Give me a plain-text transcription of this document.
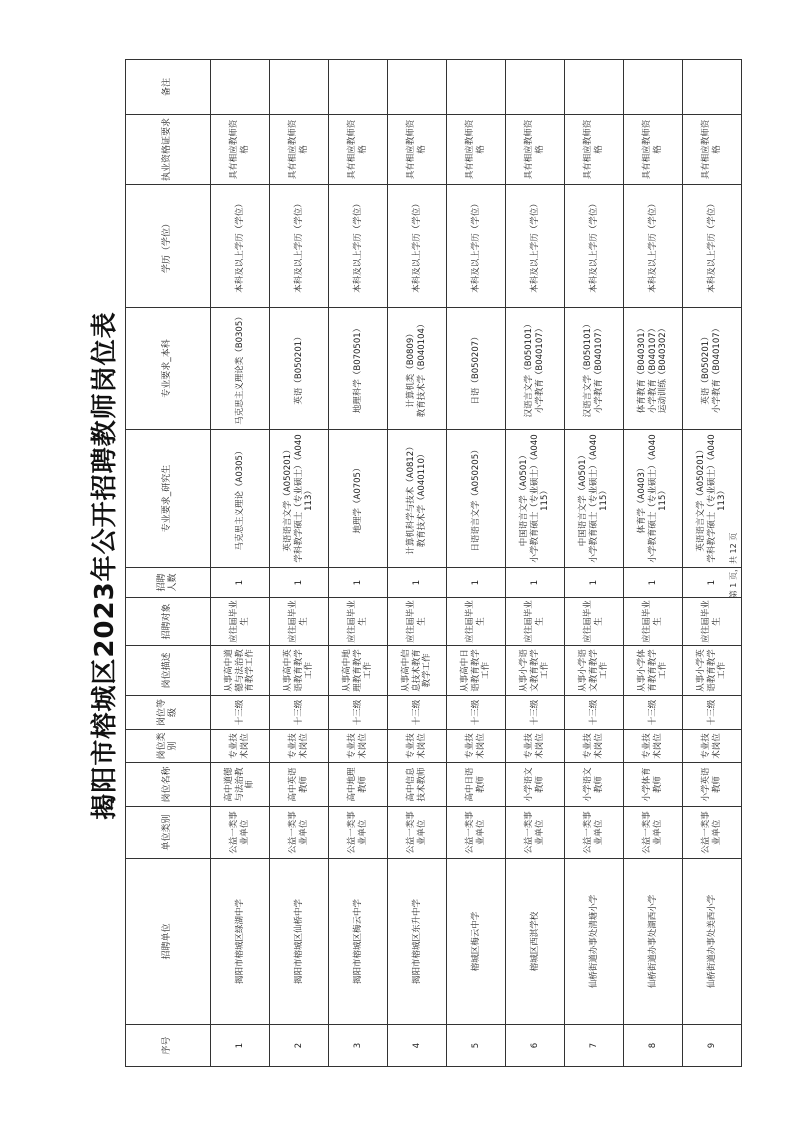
揭阳市榕城区2023年公开招聘教师岗位表
序号	招聘单位	单位类别	岗位名称	岗位类别	岗位等级	岗位描述	招聘对象	招聘人数	专业要求_研究生	专业要求_本科	学历（学位）	执业资格证要求	备注
1	揭阳市榕城区绿湖中学	公益一类事业单位	高中道德与法治教师	专业技术岗位	十三级	从事高中道德与法治教育教学工作	应往届毕业生	1	马克思主义理论（A0305）	马克思主义理论类（B0305）	本科及以上学历（学位）	具有相应教师资格	
2	揭阳市榕城区仙桥中学	公益一类事业单位	高中英语教师	专业技术岗位	十三级	从事高中英语教育教学工作	应往届毕业生	1	英语语言文学（A050201）
学科教学硕士（专业硕士）（A040113）	英语（B050201）	本科及以上学历（学位）	具有相应教师资格	
3	揭阳市榕城区梅云中学	公益一类事业单位	高中地理教师	专业技术岗位	十三级	从事高中地理教育教学工作	应往届毕业生	1	地理学（A0705）	地理科学（B070501）	本科及以上学历（学位）	具有相应教师资格	
4	揭阳市榕城区东升中学	公益一类事业单位	高中信息技术教师	专业技术岗位	十三级	从事高中信息技术教育教学工作	应往届毕业生	1	计算机科学与技术（A0812）
教育技术学（A040110）	计算机类（B0809）
教育技术学（B040104）	本科及以上学历（学位）	具有相应教师资格	
5	榕城区梅云中学	公益一类事业单位	高中日语教师	专业技术岗位	十三级	从事高中日语教育教学工作	应往届毕业生	1	日语语言文学（A050205）	日语（B050207）	本科及以上学历（学位）	具有相应教师资格	
6	榕城区西淇学校	公益一类事业单位	小学语文教师	专业技术岗位	十三级	从事小学语文教育教学工作	应往届毕业生	1	中国语言文学（A0501）
小学教育硕士（专业硕士）（A040115）	汉语言文学（B050101）
小学教育（B040107）	本科及以上学历（学位）	具有相应教师资格	
7	仙桥街道办事处清塘小学	公益一类事业单位	小学语文教师	专业技术岗位	十三级	从事小学语文教育教学工作	应往届毕业生	1	中国语言文学（A0501）
小学教育硕士（专业硕士）（A040115）	汉语言文学（B050101）
小学教育（B040107）	本科及以上学历（学位）	具有相应教师资格	
8	仙桥街道办事处湖西小学	公益一类事业单位	小学体育教师	专业技术岗位	十三级	从事小学体育教育教学工作	应往届毕业生	1	体育学（A0403）
小学教育硕士（专业硕士）（A040115）	体育教育（B040301）
小学教育（B040107）
运动训练（B040302）	本科及以上学历（学位）	具有相应教师资格	
9	仙桥街道办事处美西小学	公益一类事业单位	小学英语教师	专业技术岗位	十三级	从事小学英语教育教学工作	应往届毕业生	1	英语语言文学（A050201）
学科教学硕士（专业硕士）（A040113）	英语（B050201）
小学教育（B040107）	本科及以上学历（学位）	具有相应教师资格	
第 1 页，共 12 页
